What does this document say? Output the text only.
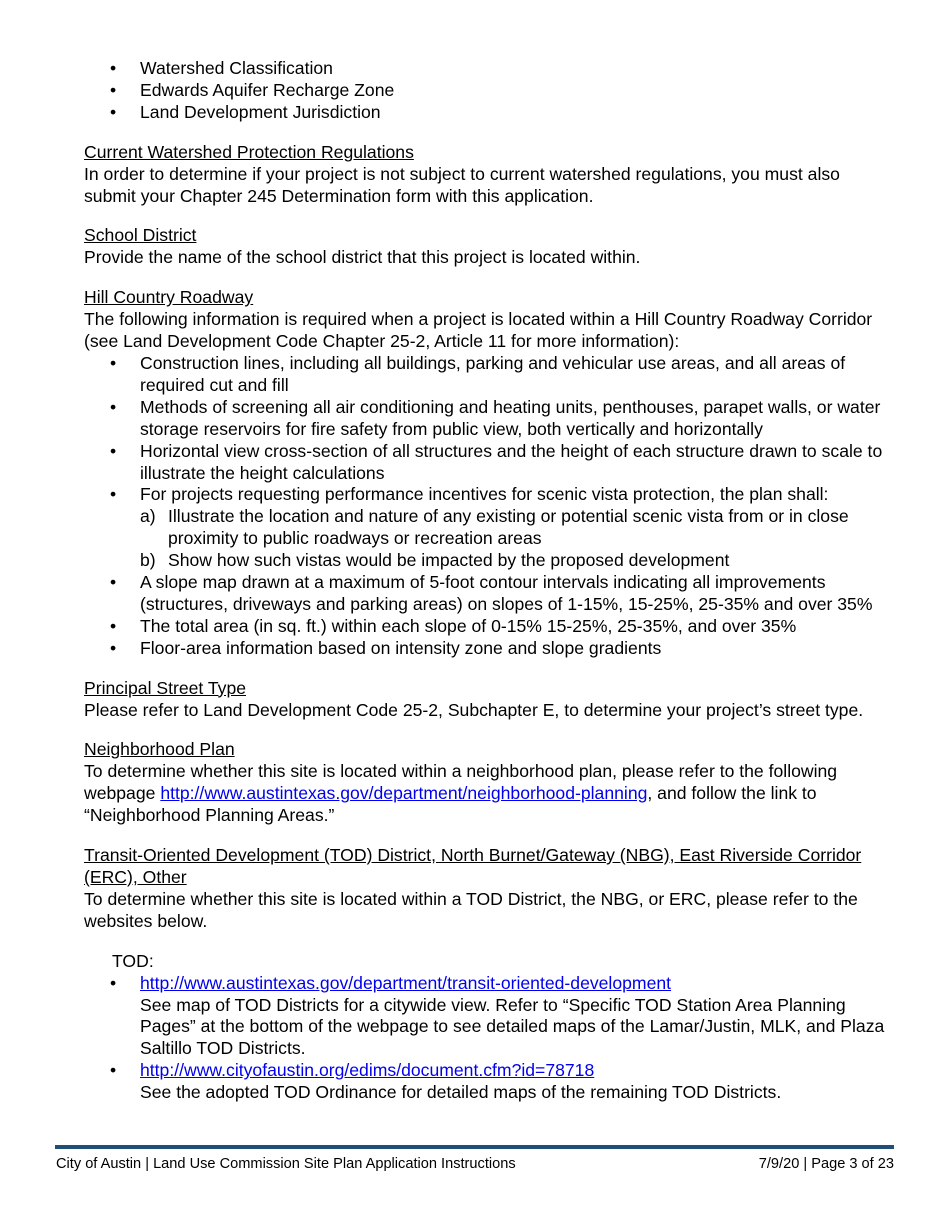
• Watershed Classification
• Edwards Aquifer Recharge Zone
• Land Development Jurisdiction
Current Watershed Protection Regulations
In order to determine if your project is not subject to current watershed regulations, you must also submit your Chapter 245 Determination form with this application.
School District
Provide the name of the school district that this project is located within.
Hill Country Roadway
The following information is required when a project is located within a Hill Country Roadway Corridor (see Land Development Code Chapter 25-2, Article 11 for more information):
• Construction lines, including all buildings, parking and vehicular use areas, and all areas of required cut and fill
• Methods of screening all air conditioning and heating units, penthouses, parapet walls, or water storage reservoirs for fire safety from public view, both vertically and horizontally
• Horizontal view cross-section of all structures and the height of each structure drawn to scale to illustrate the height calculations
• For projects requesting performance incentives for scenic vista protection, the plan shall:
a) Illustrate the location and nature of any existing or potential scenic vista from or in close proximity to public roadways or recreation areas
b) Show how such vistas would be impacted by the proposed development
• A slope map drawn at a maximum of 5-foot contour intervals indicating all improvements (structures, driveways and parking areas) on slopes of 1-15%, 15-25%, 25-35% and over 35%
• The total area (in sq. ft.) within each slope of 0-15% 15-25%, 25-35%, and over 35%
• Floor-area information based on intensity zone and slope gradients
Principal Street Type
Please refer to Land Development Code 25-2, Subchapter E, to determine your project’s street type.
Neighborhood Plan
To determine whether this site is located within a neighborhood plan, please refer to the following webpage http://www.austintexas.gov/department/neighborhood-planning, and follow the link to “Neighborhood Planning Areas.”
Transit-Oriented Development (TOD) District, North Burnet/Gateway (NBG), East Riverside Corridor (ERC), Other
To determine whether this site is located within a TOD District, the NBG, or ERC, please refer to the websites below.
TOD:
• http://www.austintexas.gov/department/transit-oriented-development
See map of TOD Districts for a citywide view. Refer to “Specific TOD Station Area Planning Pages” at the bottom of the webpage to see detailed maps of the Lamar/Justin, MLK, and Plaza Saltillo TOD Districts.
• http://www.cityofaustin.org/edims/document.cfm?id=78718
See the adopted TOD Ordinance for detailed maps of the remaining TOD Districts.
City of Austin | Land Use Commission Site Plan Application Instructions	7/9/20 | Page 3 of 23
